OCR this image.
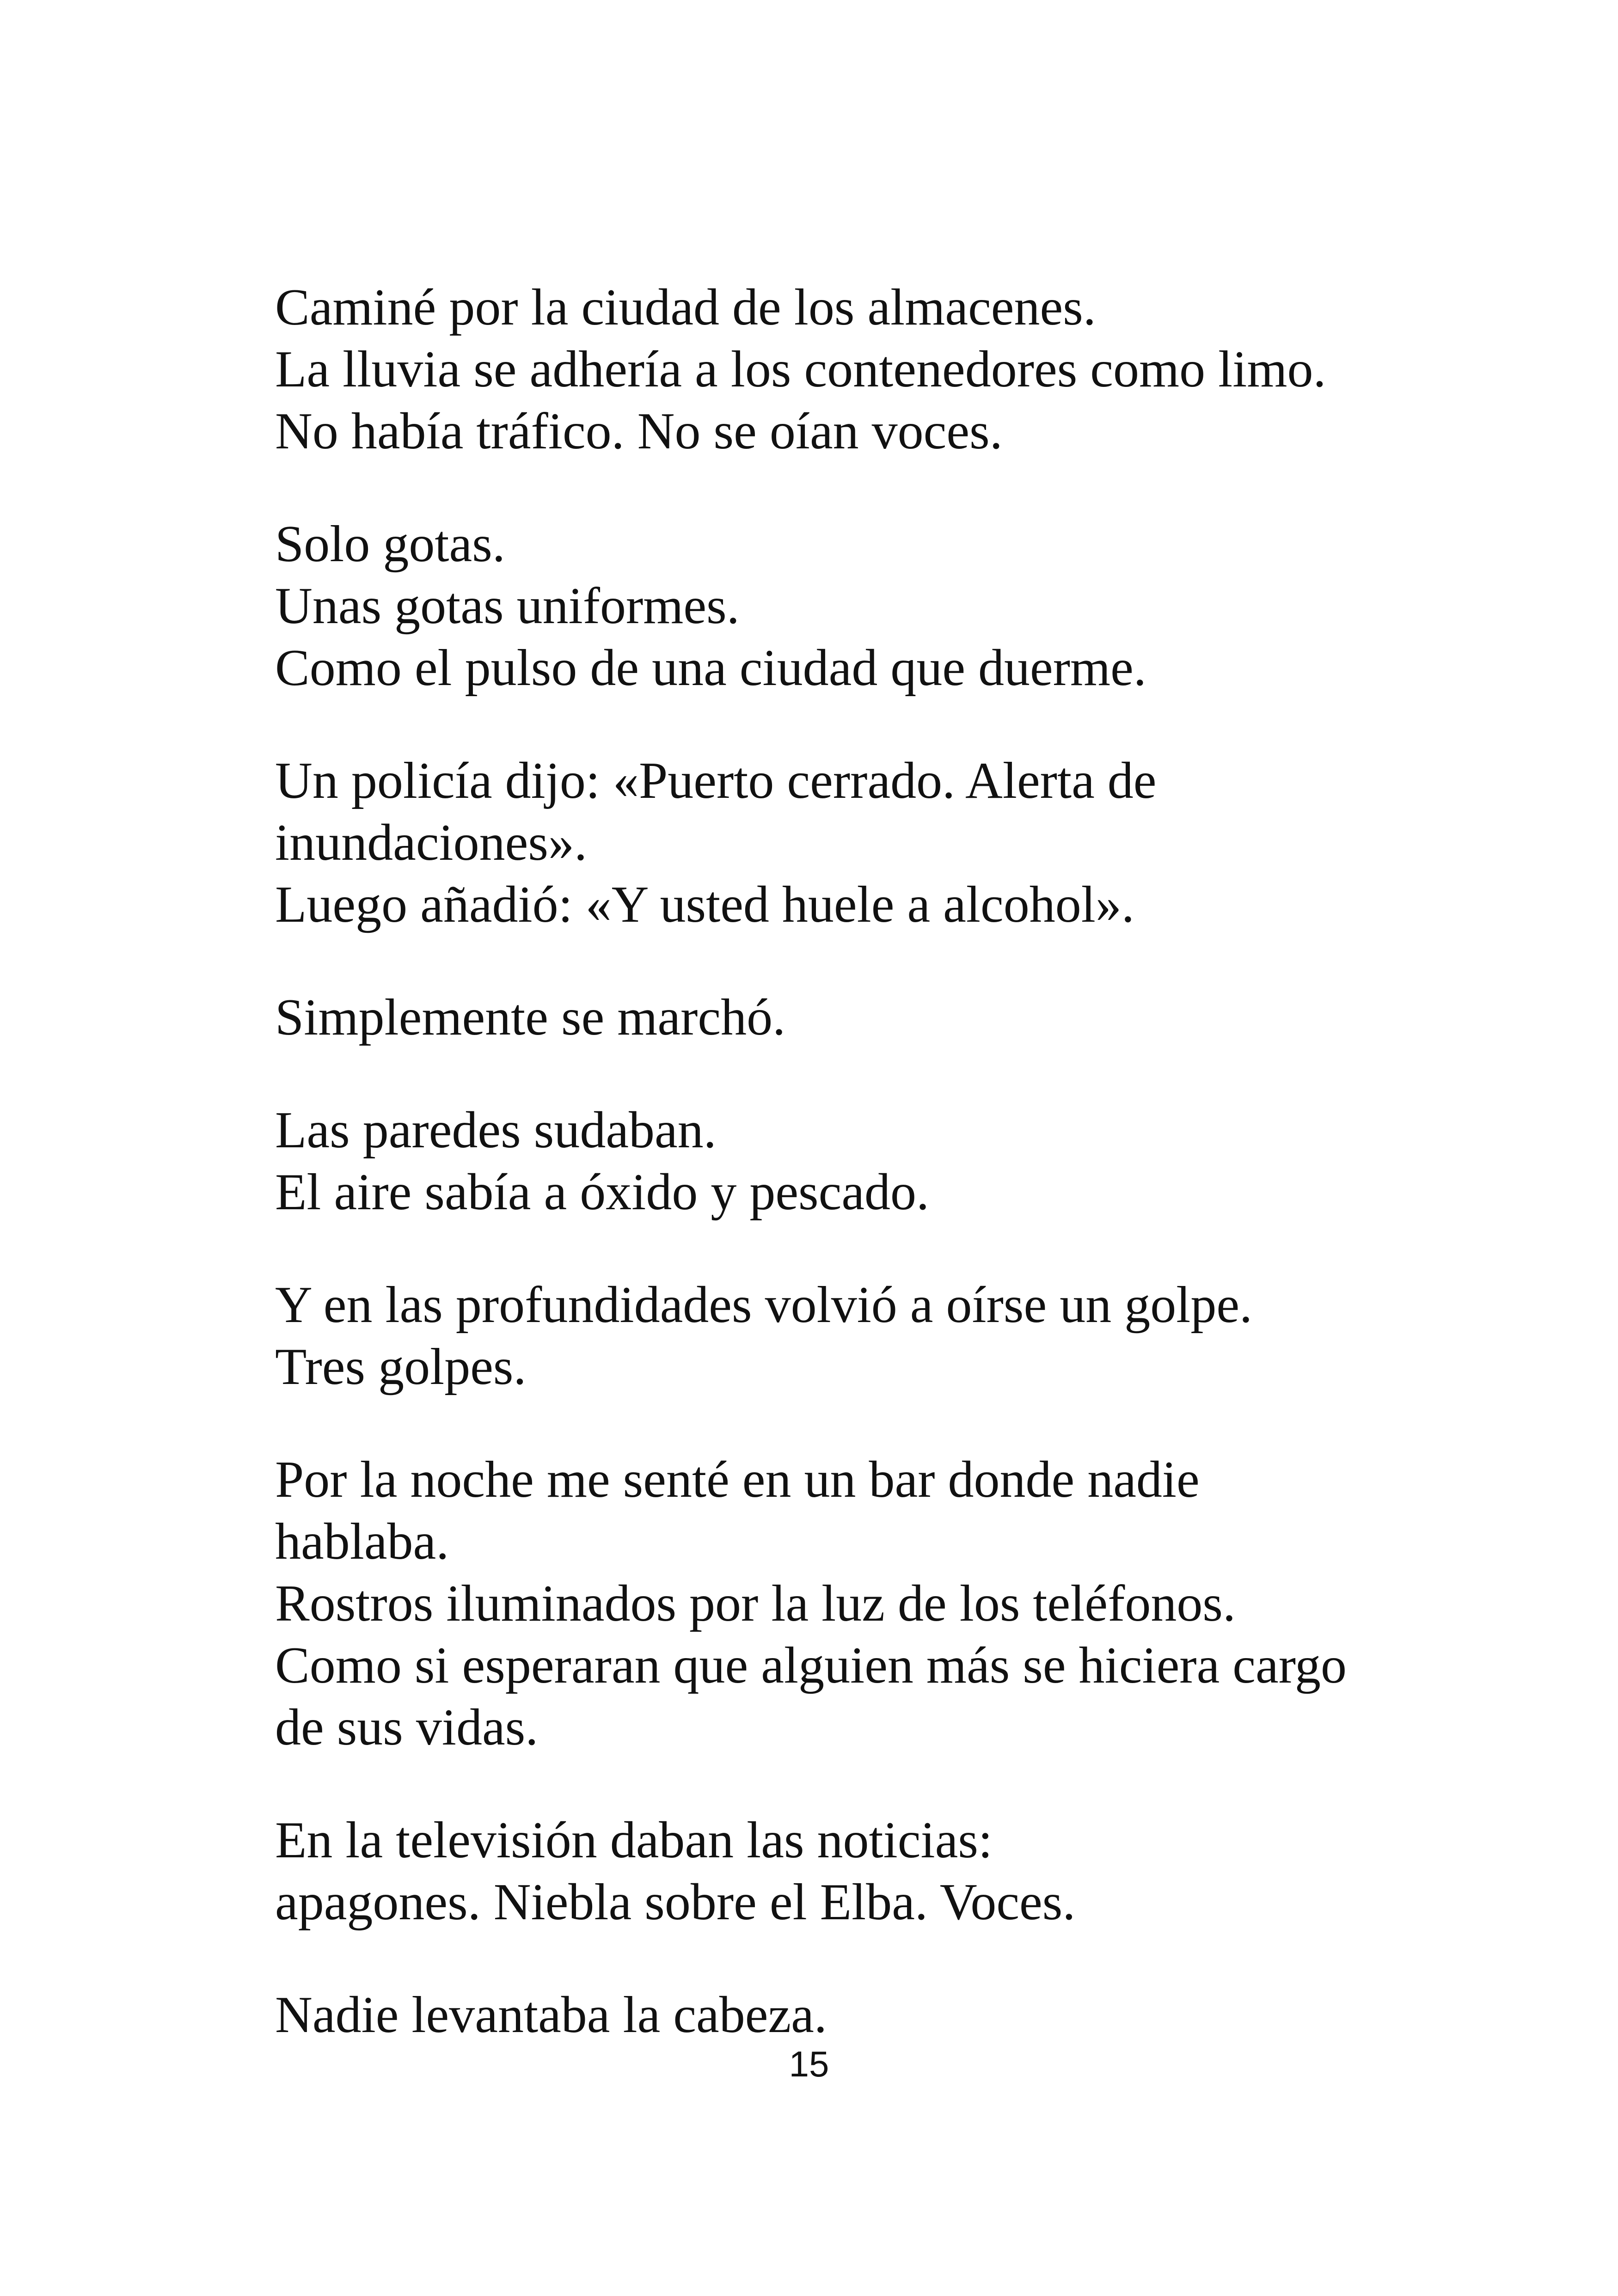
Caminé por la ciudad de los almacenes.
La lluvia se adhería a los contenedores como limo.
No había tráfico. No se oían voces.

Solo gotas.
Unas gotas uniformes.
Como el pulso de una ciudad que duerme.

Un policía dijo: «Puerto cerrado. Alerta de
inundaciones».
Luego añadió: «Y usted huele a alcohol».

Simplemente se marchó.

Las paredes sudaban.
El aire sabía a óxido y pescado.

Y en las profundidades volvió a oírse un golpe.
Tres golpes.

Por la noche me senté en un bar donde nadie
hablaba.
Rostros iluminados por la luz de los teléfonos.
Como si esperaran que alguien más se hiciera cargo
de sus vidas.

En la televisión daban las noticias:
apagones. Niebla sobre el Elba. Voces.

Nadie levantaba la cabeza.

15
